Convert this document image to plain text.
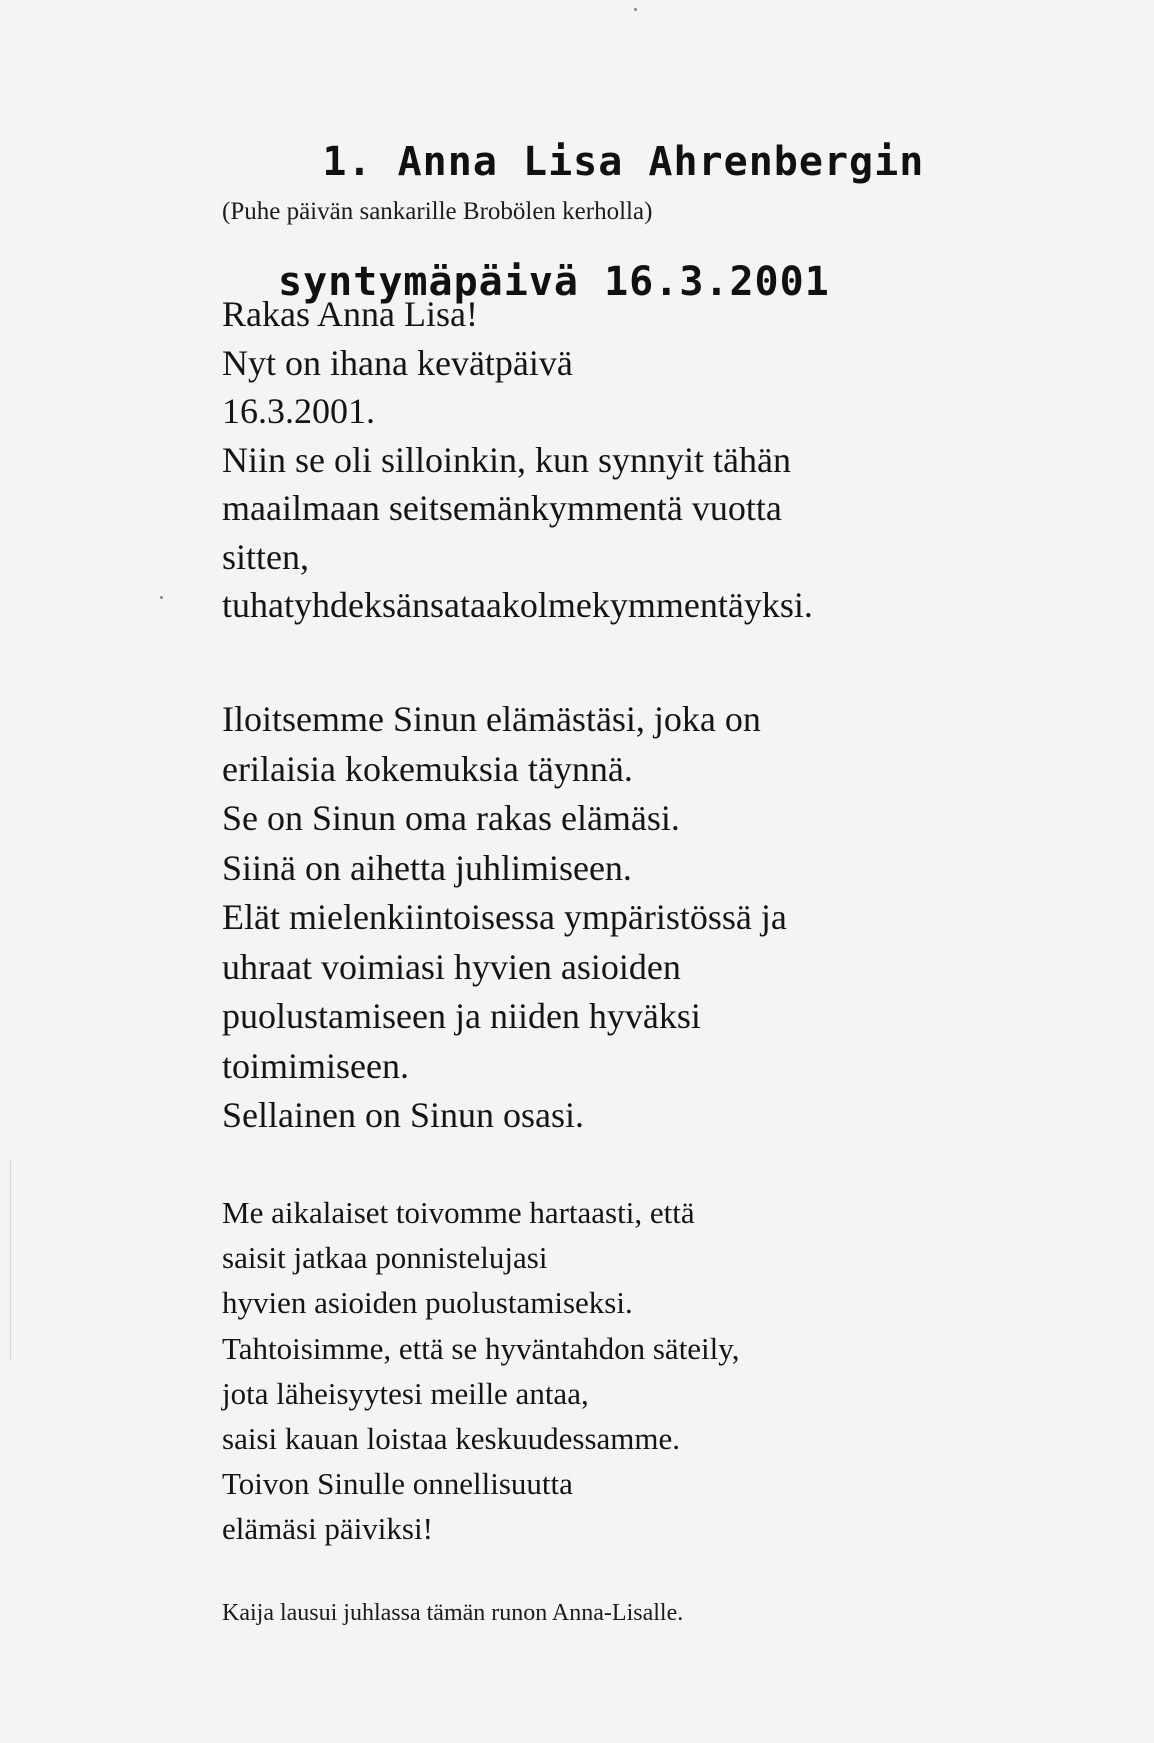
1. Anna Lisa Ahrenbergin

syntymäpäivä 16.3.2001

(Puhe päivän sankarille Brobölen kerholla)
Rakas Anna Lisa!
Nyt on ihana kevätpäivä
16.3.2001.
Niin se oli silloinkin, kun synnyit tähän
maailmaan seitsemänkymmentä vuotta
sitten,
tuhatyhdeksänsataakolmekymmentäyksi.
Iloitsemme Sinun elämästäsi, joka on
erilaisia kokemuksia täynnä.
Se on Sinun oma rakas elämäsi.
Siinä on aihetta juhlimiseen.
Elät mielenkiintoisessa ympäristössä ja
uhraat voimiasi hyvien asioiden
puolustamiseen ja niiden hyväksi
toimimiseen.
Sellainen on Sinun osasi.
Me aikalaiset toivomme hartaasti, että
saisit jatkaa ponnistelujasi
hyvien asioiden puolustamiseksi.
Tahtoisimme, että se hyväntahdon säteily,
jota läheisyytesi meille antaa,
saisi kauan loistaa keskuudessamme.
Toivon Sinulle onnellisuutta
elämäsi päiviksi!
Kaija lausui juhlassa tämän runon Anna-Lisalle.
